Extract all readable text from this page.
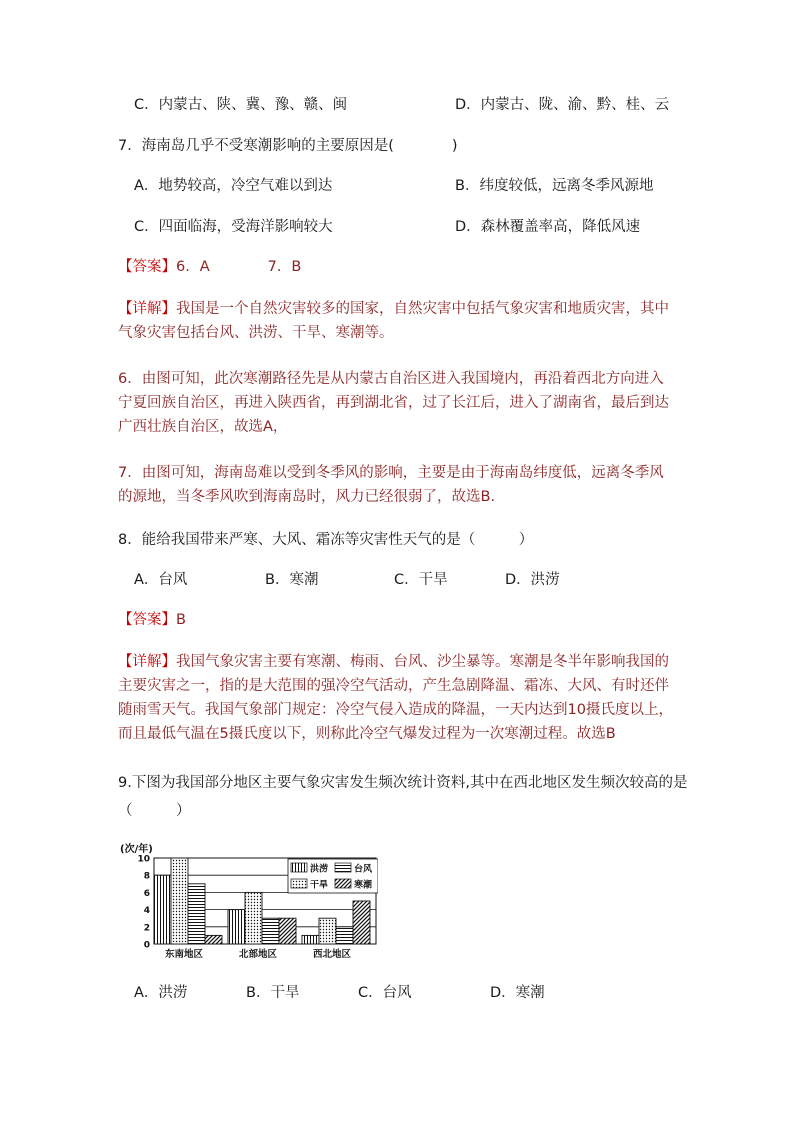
C．内蒙古、陕、冀、豫、赣、闽	D．内蒙古、陇、渝、黔、桂、云
7．海南岛几乎不受寒潮影响的主要原因是(　　　　)
A．地势较高，冷空气难以到达	B．纬度较低，远离冬季风源地
C．四面临海，受海洋影响较大	D．森林覆盖率高，降低风速
【答案】6．A　　　　7．B
【详解】我国是一个自然灾害较多的国家，自然灾害中包括气象灾害和地质灾害，其中气象灾害包括台风、洪涝、干旱、寒潮等。
6．由图可知，此次寒潮路径先是从内蒙古自治区进入我国境内，再沿着西北方向进入宁夏回族自治区，再进入陕西省，再到湖北省，过了长江后，进入了湖南省，最后到达广西壮族自治区，故选A，
7．由图可知，海南岛难以受到冬季风的影响，主要是由于海南岛纬度低，远离冬季风的源地，当冬季风吹到海南岛时，风力已经很弱了，故选B.
8．能给我国带来严寒、大风、霜冻等灾害性天气的是（　　　）
A．台风	B．寒潮	C．干旱	D．洪涝
【答案】B
【详解】我国气象灾害主要有寒潮、梅雨、台风、沙尘暴等。寒潮是冬半年影响我国的主要灾害之一，指的是大范围的强冷空气活动，产生急剧降温、霜冻、大风、有时还伴随雨雪天气。我国气象部门规定：冷空气侵入造成的降温，一天内达到10摄氏度以上，而且最低气温在5摄氏度以下，则称此冷空气爆发过程为一次寒潮过程。故选B
9.下图为我国部分地区主要气象灾害发生频次统计资料,其中在西北地区发生频次较高的是
（　　　）
(次/年)
0
2
4
6
8
10
东南地区	北部地区	西北地区
洪涝	台风
干旱	寒潮
A．洪涝	B．干旱	C．台风	D．寒潮
